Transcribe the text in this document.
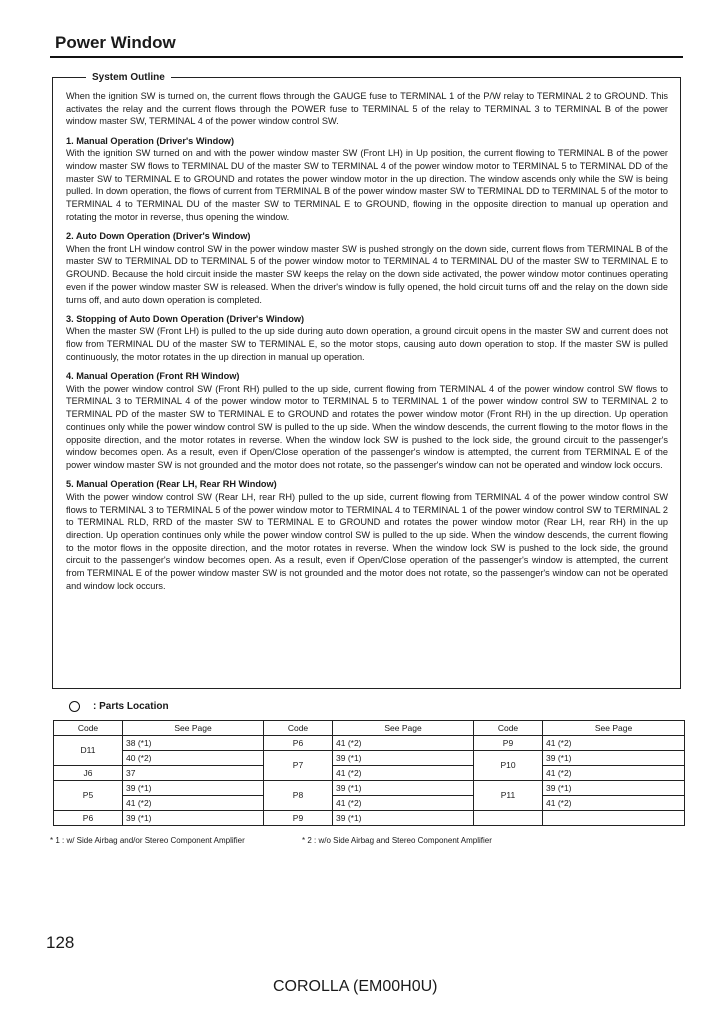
Power Window
System Outline

When the ignition SW is turned on, the current flows through the GAUGE fuse to TERMINAL 1 of the P/W relay to TERMINAL 2 to GROUND. This activates the relay and the current flows through the POWER fuse to TERMINAL 5 of the relay to TERMINAL 3 to TERMINAL B of the power window master SW, TERMINAL 4 of the power window control SW.

1. Manual Operation (Driver's Window)

With the ignition SW turned on and with the power window master SW (Front LH) in Up position, the current flowing to TERMINAL B of the power window master SW flows to TERMINAL DU of the master SW to TERMINAL 4 of the power window motor to TERMINAL 5 to TERMINAL DD of the master SW to TERMINAL E to GROUND and rotates the power window motor in the up direction. The window ascends only while the SW is being pulled. In down operation, the flows of current from TERMINAL B of the power window master SW to TERMINAL DD to TERMINAL 5 of the motor to TERMINAL 4 to TERMINAL DU of the master SW to TERMINAL E to GROUND, flowing in the opposite direction to manual up operation and rotating the motor in reverse, thus opening the window.

2. Auto Down Operation (Driver's Window)

When the front LH window control SW in the power window master SW is pushed strongly on the down side, current flows from TERMINAL B of the master SW to TERMINAL DD to TERMINAL 5 of the power window motor to TERMINAL 4 to TERMINAL DU of the master SW to TERMINAL E to GROUND. Because the hold circuit inside the master SW keeps the relay on the down side activated, the power window motor continues operating even if the power window master SW is released. When the driver's window is fully opened, the hold circuit turns off and the relay on the down side turns off, and auto down operation is completed.

3. Stopping of Auto Down Operation (Driver's Window)

When the master SW (Front LH) is pulled to the up side during auto down operation, a ground circuit opens in the master SW and current does not flow from TERMINAL DU of the master SW to TERMINAL E, so the motor stops, causing auto down operation to stop. If the master SW is pulled continuously, the motor rotates in the up direction in manual up operation.

4. Manual Operation (Front RH Window)

With the power window control SW (Front RH) pulled to the up side, current flowing from TERMINAL 4 of the power window control SW flows to TERMINAL 3 to TERMINAL 4 of the power window motor to TERMINAL 5 to TERMINAL 1 of the power window control SW to TERMINAL 2 to TERMINAL PD of the master SW to TERMINAL E to GROUND and rotates the power window motor (Front RH) in the up direction. Up operation continues only while the power window control SW is pulled to the up side. When the window descends, the current flowing to the motor flows in the opposite direction, and the motor rotates in reverse. When the window lock SW is pushed to the lock side, the ground circuit to the passenger's window becomes open. As a result, even if Open/Close operation of the passenger's window is attempted, the current from TERMINAL E of the power window master SW is not grounded and the motor does not rotate, so the passenger's window can not be operated and window lock occurs.

5. Manual Operation (Rear LH, Rear RH Window)

With the power window control SW (Rear LH, rear RH) pulled to the up side, current flowing from TERMINAL 4 of the power window control SW flows to TERMINAL 3 to TERMINAL 5 of the power window motor to TERMINAL 4 to TERMINAL 1 of the power window control SW to TERMINAL 2 to TERMINAL RLD, RRD of the master SW to TERMINAL E to GROUND and rotates the power window motor (Rear LH, rear RH) in the up direction. Up operation continues only while the power window control SW is pulled to the up side. When the window descends, the current flowing to the motor flows in the opposite direction, and the motor rotates in reverse. When the window lock SW is pushed to the lock side, the ground circuit to the passenger's window becomes open. As a result, even if Open/Close operation of the passenger's window is attempted, the current from TERMINAL E of the power window master SW is not grounded and the motor does not rotate, so the passenger's window can not be operated and window lock occurs.

: Parts Location
Code	See Page	Code	See Page	Code	See Page
D11	38 (*1)	P6	41 (*2)	P9	41 (*2)
	40 (*2)	P7	39 (*1)	P10	39 (*1)
J6	37		41 (*2)		41 (*2)
P5	39 (*1)	P8	39 (*1)	P11	39 (*1)
	41 (*2)		41 (*2)		41 (*2)
P6	39 (*1)	P9	39 (*1)		
* 1 : w/ Side Airbag and/or Stereo Component Amplifier	* 2 : w/o Side Airbag and Stereo Component Amplifier
128
COROLLA (EM00H0U)
